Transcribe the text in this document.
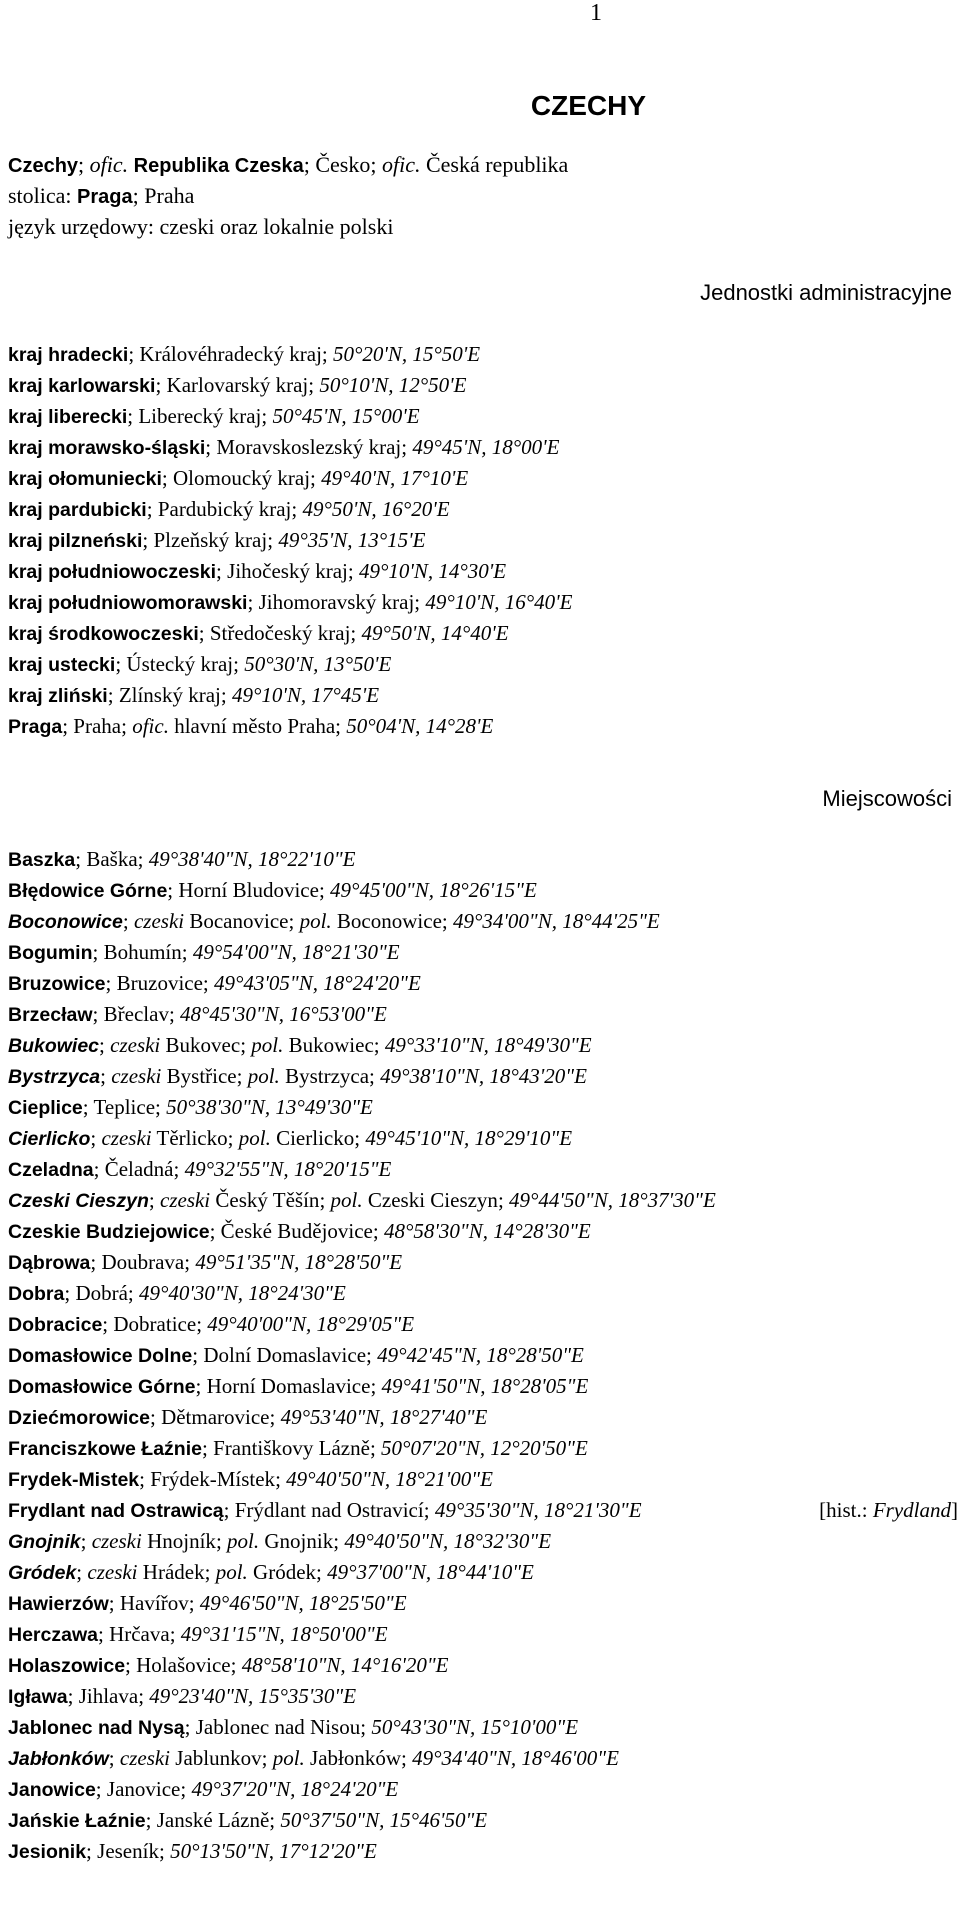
1
CZECHY
Czechy; ofic. Republika Czeska; Česko; ofic. Česká republika
stolica: Praga; Praha
język urzędowy: czeski oraz lokalnie polski
Jednostki administracyjne
kraj hradecki; Královéhradecký kraj; 50°20'N, 15°50'E
kraj karlowarski; Karlovarský kraj; 50°10'N, 12°50'E
kraj liberecki; Liberecký kraj; 50°45'N, 15°00'E
kraj morawsko-śląski; Moravskoslezský kraj; 49°45'N, 18°00'E
kraj ołomuniecki; Olomoucký kraj; 49°40'N, 17°10'E
kraj pardubicki; Pardubický kraj; 49°50'N, 16°20'E
kraj pilzneński; Plzeňský kraj; 49°35'N, 13°15'E
kraj południowoczeski; Jihočeský kraj; 49°10'N, 14°30'E
kraj południowomorawski; Jihomoravský kraj; 49°10'N, 16°40'E
kraj środkowoczeski; Středočeský kraj; 49°50'N, 14°40'E
kraj ustecki; Ústecký kraj; 50°30'N, 13°50'E
kraj zliński; Zlínský kraj; 49°10'N, 17°45'E
Praga; Praha; ofic. hlavní město Praha; 50°04'N, 14°28'E
Miejscowości
Baszka; Baška; 49°38'40"N, 18°22'10"E
Błędowice Górne; Horní Bludovice; 49°45'00"N, 18°26'15"E
Boconowice; czeski Bocanovice; pol. Boconowice; 49°34'00"N, 18°44'25"E
Bogumin; Bohumín; 49°54'00"N, 18°21'30"E
Bruzowice; Bruzovice; 49°43'05"N, 18°24'20"E
Brzecław; Břeclav; 48°45'30"N, 16°53'00"E
Bukowiec; czeski Bukovec; pol. Bukowiec; 49°33'10"N, 18°49'30"E
Bystrzyca; czeski Bystřice; pol. Bystrzyca; 49°38'10"N, 18°43'20"E
Cieplice; Teplice; 50°38'30"N, 13°49'30"E
Cierlicko; czeski Těrlicko; pol. Cierlicko; 49°45'10"N, 18°29'10"E
Czeladna; Čeladná; 49°32'55"N, 18°20'15"E
Czeski Cieszyn; czeski Český Těšín; pol. Czeski Cieszyn; 49°44'50"N, 18°37'30"E
Czeskie Budziejowice; České Budějovice; 48°58'30"N, 14°28'30"E
Dąbrowa; Doubrava; 49°51'35"N, 18°28'50"E
Dobra; Dobrá; 49°40'30"N, 18°24'30"E
Dobracice; Dobratice; 49°40'00"N, 18°29'05"E
Domasłowice Dolne; Dolní Domaslavice; 49°42'45"N, 18°28'50"E
Domasłowice Górne; Horní Domaslavice; 49°41'50"N, 18°28'05"E
Dziećmorowice; Dětmarovice; 49°53'40"N, 18°27'40"E
Franciszkowe Łaźnie; Františkovy Lázně; 50°07'20"N, 12°20'50"E
Frydek-Mistek; Frýdek-Místek; 49°40'50"N, 18°21'00"E
Frydlant nad Ostrawicą; Frýdlant nad Ostravicí; 49°35'30"N, 18°21'30"E	[hist.: Frydland]
Gnojnik; czeski Hnojník; pol. Gnojnik; 49°40'50"N, 18°32'30"E
Gródek; czeski Hrádek; pol. Gródek; 49°37'00"N, 18°44'10"E
Hawierzów; Havířov; 49°46'50"N, 18°25'50"E
Herczawa; Hrčava; 49°31'15"N, 18°50'00"E
Holaszowice; Holašovice; 48°58'10"N, 14°16'20"E
Igława; Jihlava; 49°23'40"N, 15°35'30"E
Jablonec nad Nysą; Jablonec nad Nisou; 50°43'30"N, 15°10'00"E
Jabłonków; czeski Jablunkov; pol. Jabłonków; 49°34'40"N, 18°46'00"E
Janowice; Janovice; 49°37'20"N, 18°24'20"E
Jańskie Łaźnie; Janské Lázně; 50°37'50"N, 15°46'50"E
Jesionik; Jeseník; 50°13'50"N, 17°12'20"E
